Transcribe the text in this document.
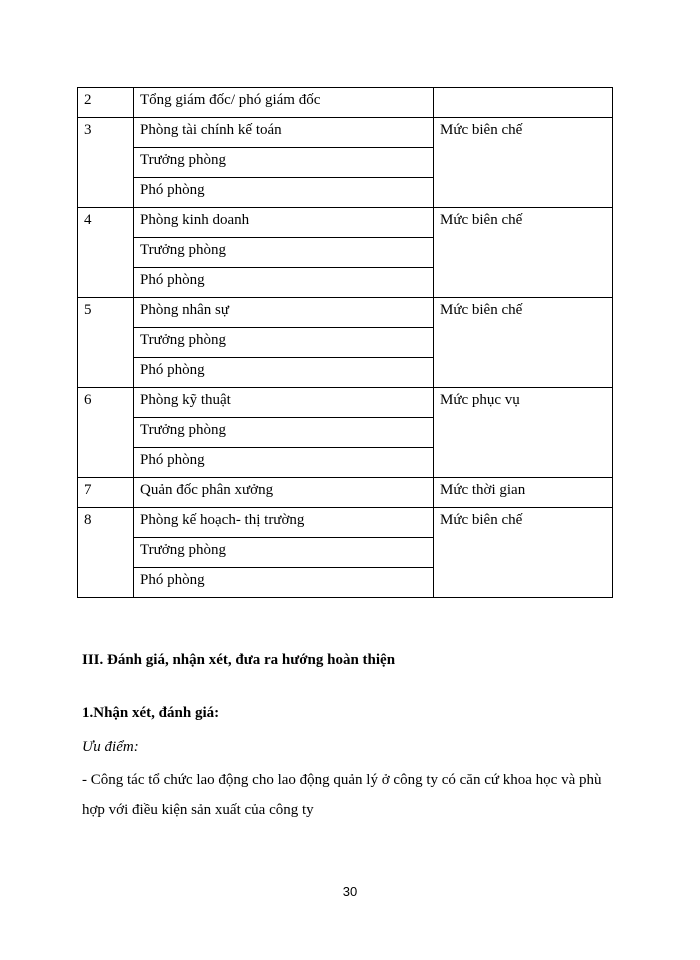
2	Tổng giám đốc/ phó giám đốc	
3	Phòng tài chính kế toán	Mức biên chế
	Trưởng phòng	
	Phó phòng	
4	Phòng kinh doanh	Mức biên chế
	Trưởng phòng	
	Phó phòng	
5	Phòng nhân sự	Mức biên chế
	Trưởng phòng	
	Phó phòng	
6	Phòng kỹ thuật	Mức phục vụ
	Trưởng phòng	
	Phó phòng	
7	Quản đốc phân xưởng	Mức thời gian
8	Phòng kế hoạch- thị trường	Mức biên chế
	Trưởng phòng	
	Phó phòng	
III. Đánh giá, nhận xét, đưa ra hướng hoàn thiện
1.Nhận xét, đánh giá:
Ưu điểm:
- Công tác tổ chức lao động cho lao động quản lý ở công ty có căn cứ khoa học và phù hợp với điều kiện sản xuất của công ty
30
